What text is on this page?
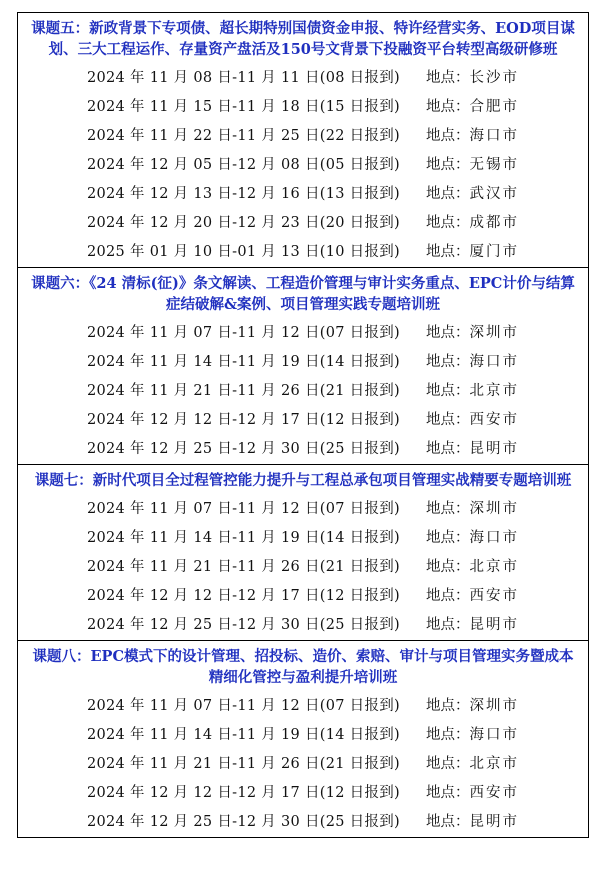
课题五：新政背景下专项债、超长期特别国债资金申报、特许经营实务、EOD项目谋划、三大工程运作、存量资产盘活及150号文背景下投融资平台转型高级研修班
2024 年 11 月 08 日-11 月 11 日(08 日报到) 地点： 长沙市
2024 年 11 月 15 日-11 月 18 日(15 日报到) 地点： 合肥市
2024 年 11 月 22 日-11 月 25 日(22 日报到) 地点： 海口市
2024 年 12 月 05 日-12 月 08 日(05 日报到) 地点： 无锡市
2024 年 12 月 13 日-12 月 16 日(13 日报到) 地点： 武汉市
2024 年 12 月 20 日-12 月 23 日(20 日报到) 地点： 成都市
2025 年 01 月 10 日-01 月 13 日(10 日报到) 地点： 厦门市
课题六：《24 清标(征)》条文解读、工程造价管理与审计实务重点、EPC计价与结算症结破解&案例、项目管理实践专题培训班
2024 年 11 月 07 日-11 月 12 日(07 日报到) 地点： 深圳市
2024 年 11 月 14 日-11 月 19 日(14 日报到) 地点： 海口市
2024 年 11 月 21 日-11 月 26 日(21 日报到) 地点： 北京市
2024 年 12 月 12 日-12 月 17 日(12 日报到) 地点： 西安市
2024 年 12 月 25 日-12 月 30 日(25 日报到) 地点： 昆明市
课题七：新时代项目全过程管控能力提升与工程总承包项目管理实战精要专题培训班
2024 年 11 月 07 日-11 月 12 日(07 日报到) 地点： 深圳市
2024 年 11 月 14 日-11 月 19 日(14 日报到) 地点： 海口市
2024 年 11 月 21 日-11 月 26 日(21 日报到) 地点： 北京市
2024 年 12 月 12 日-12 月 17 日(12 日报到) 地点： 西安市
2024 年 12 月 25 日-12 月 30 日(25 日报到) 地点： 昆明市
课题八：EPC模式下的设计管理、招投标、造价、索赔、审计与项目管理实务暨成本精细化管控与盈利提升培训班
2024 年 11 月 07 日-11 月 12 日(07 日报到) 地点： 深圳市
2024 年 11 月 14 日-11 月 19 日(14 日报到) 地点： 海口市
2024 年 11 月 21 日-11 月 26 日(21 日报到) 地点： 北京市
2024 年 12 月 12 日-12 月 17 日(12 日报到) 地点： 西安市
2024 年 12 月 25 日-12 月 30 日(25 日报到) 地点： 昆明市
